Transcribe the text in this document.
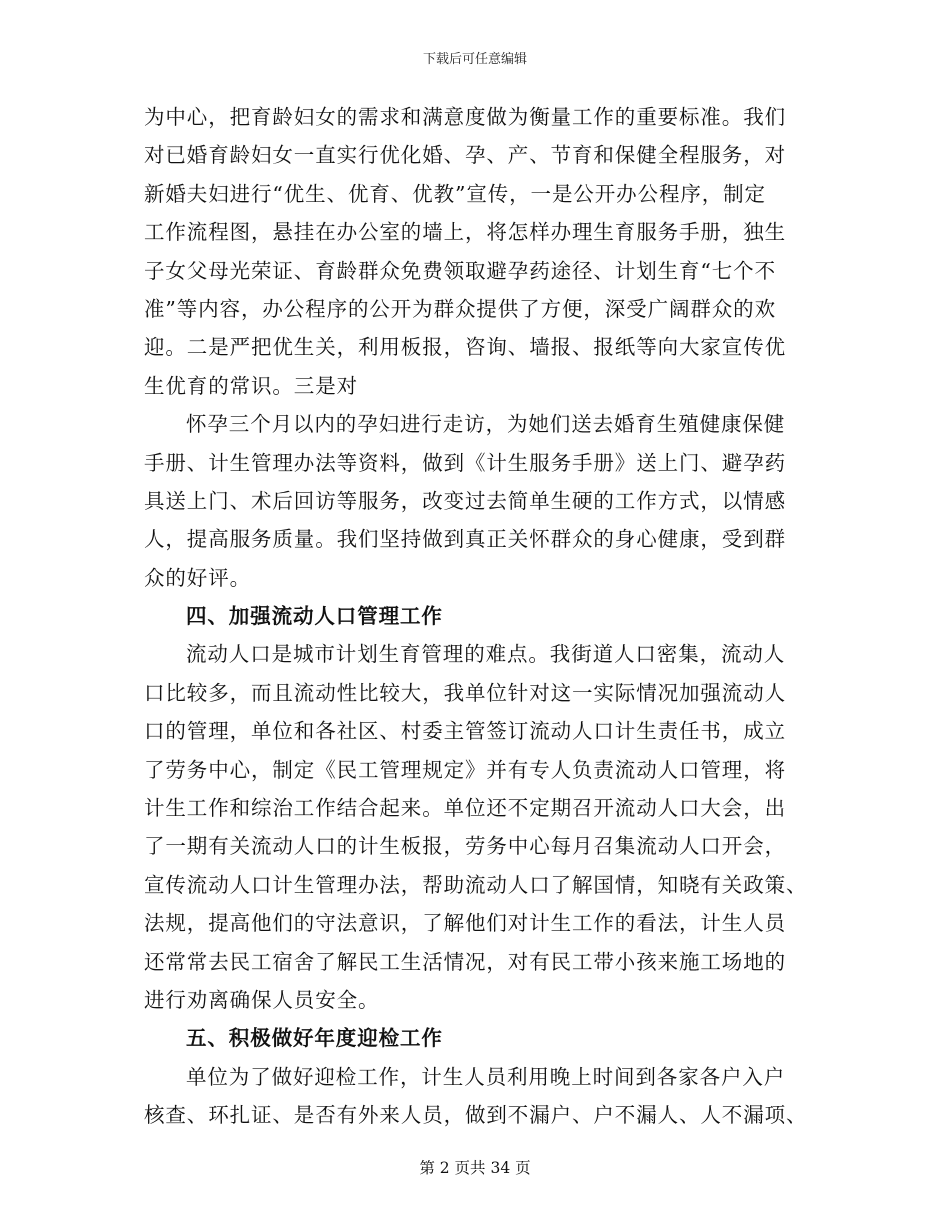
下载后可任意编辑
为中心，把育龄妇女的需求和满意度做为衡量工作的重要标准。我们
对已婚育龄妇女一直实行优化婚、孕、产、节育和保健全程服务，对
新婚夫妇进行“优生、优育、优教”宣传，一是公开办公程序，制定
工作流程图，悬挂在办公室的墙上，将怎样办理生育服务手册，独生
子女父母光荣证、育龄群众免费领取避孕药途径、计划生育“七个不
准”等内容，办公程序的公开为群众提供了方便，深受广阔群众的欢
迎。二是严把优生关，利用板报，咨询、墙报、报纸等向大家宣传优
生优育的常识。三是对
怀孕三个月以内的孕妇进行走访，为她们送去婚育生殖健康保健
手册、计生管理办法等资料，做到《计生服务手册》送上门、避孕药
具送上门、术后回访等服务，改变过去简单生硬的工作方式，以情感
人，提高服务质量。我们坚持做到真正关怀群众的身心健康，受到群
众的好评。
四、加强流动人口管理工作
流动人口是城市计划生育管理的难点。我街道人口密集，流动人
口比较多，而且流动性比较大，我单位针对这一实际情况加强流动人
口的管理，单位和各社区、村委主管签订流动人口计生责任书，成立
了劳务中心，制定《民工管理规定》并有专人负责流动人口管理，将
计生工作和综治工作结合起来。单位还不定期召开流动人口大会，出
了一期有关流动人口的计生板报，劳务中心每月召集流动人口开会，
宣传流动人口计生管理办法，帮助流动人口了解国情，知晓有关政策、
法规，提高他们的守法意识，了解他们对计生工作的看法，计生人员
还常常去民工宿舍了解民工生活情况，对有民工带小孩来施工场地的
进行劝离确保人员安全。
五、积极做好年度迎检工作
单位为了做好迎检工作，计生人员利用晚上时间到各家各户入户
核查、环扎证、是否有外来人员，做到不漏户、户不漏人、人不漏项、
第 2 页共 34 页
